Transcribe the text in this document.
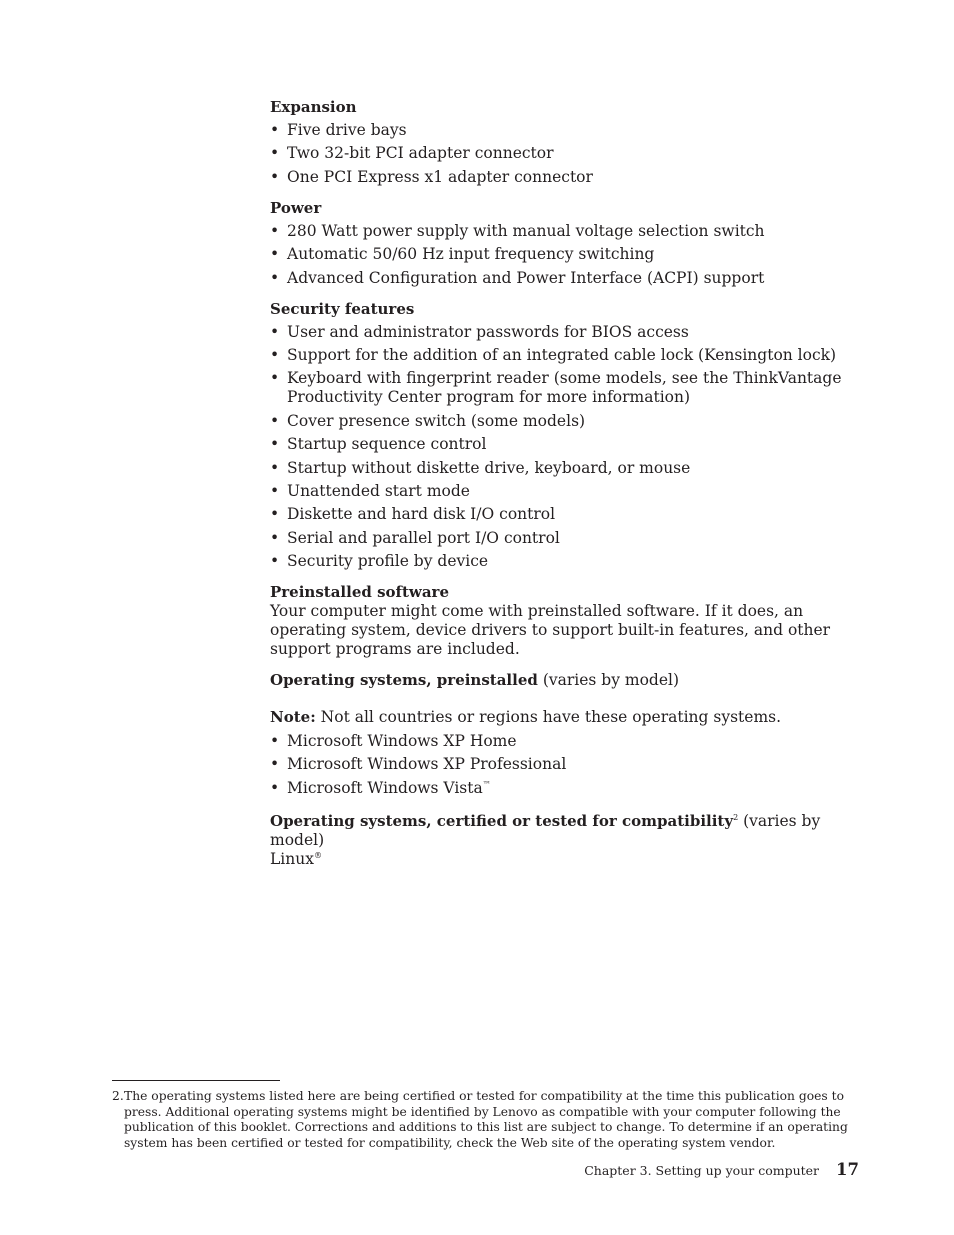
Expansion
• Five drive bays
• Two 32-bit PCI adapter connector
• One PCI Express x1 adapter connector
Power
• 280 Watt power supply with manual voltage selection switch
• Automatic 50/60 Hz input frequency switching
• Advanced Configuration and Power Interface (ACPI) support
Security features
• User and administrator passwords for BIOS access
• Support for the addition of an integrated cable lock (Kensington lock)
• Keyboard with fingerprint reader (some models, see the ThinkVantage Productivity Center program for more information)
• Cover presence switch (some models)
• Startup sequence control
• Startup without diskette drive, keyboard, or mouse
• Unattended start mode
• Diskette and hard disk I/O control
• Serial and parallel port I/O control
• Security profile by device
Preinstalled software

Your computer might come with preinstalled software. If it does, an operating system, device drivers to support built-in features, and other support programs are included.

Operating systems, preinstalled (varies by model)
Note: Not all countries or regions have these operating systems.
• Microsoft Windows XP Home
• Microsoft Windows XP Professional
• Microsoft Windows Vista™
Operating systems, certified or tested for compatibility$^2$ (varies by model)
Linux®
2. The operating systems listed here are being certified or tested for compatibility at the time this publication goes to press. Additional operating systems might be identified by Lenovo as compatible with your computer following the publication of this booklet. Corrections and additions to this list are subject to change. To determine if an operating system has been certified or tested for compatibility, check the Web site of the operating system vendor.
Chapter 3. Setting up your computer 17
